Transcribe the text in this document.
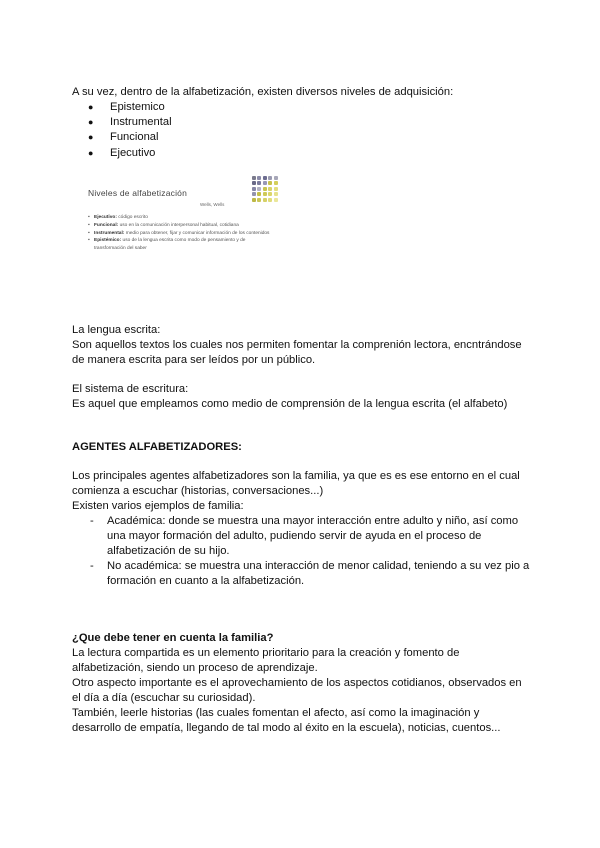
A su vez, dentro de la alfabetización, existen diversos niveles de adquisición:
● Epistemico
● Instrumental
● Funcional
● Ejecutivo
Niveles de alfabetización
Wells, Wells
▪ Ejecutivo: código escrito
▪ Funcional: uso en la comunicación interpersonal habitual, cotidiana
▪ Instrumental: medio para obtener, fijar y comunicar información de los contenidos
▪ Epistémico: uso de la lengua escrita como modo de pensamiento y de transformación del saber
La lengua escrita:
Son aquellos textos los cuales nos permiten fomentar la comprenión lectora, encntrándose
de manera escrita para ser leídos por un público.
El sistema de escritura:
Es aquel que empleamos como medio de comprensión de la lengua escrita (el alfabeto)
AGENTES ALFABETIZADORES:
Los principales agentes alfabetizadores son la familia, ya que es es ese entorno en el cual
comienza a escuchar (historias, conversaciones...)
Existen varios ejemplos de familia:
- Académica: donde se muestra una mayor interacción entre adulto y niño, así como
una mayor formación del adulto, pudiendo servir de ayuda en el proceso de
alfabetización de su hijo.
- No académica: se muestra una interacción de menor calidad, teniendo a su vez pio a
formación en cuanto a la alfabetización.
¿Que debe tener en cuenta la familia?
La lectura compartida es un elemento prioritario para la creación y fomento de
alfabetización, siendo un proceso de aprendizaje.
Otro aspecto importante es el aprovechamiento de los aspectos cotidianos, observados en
el día a día (escuchar su curiosidad).
También, leerle historias (las cuales fomentan el afecto, así como la imaginación y
desarrollo de empatía, llegando de tal modo al éxito en la escuela), noticias, cuentos...
